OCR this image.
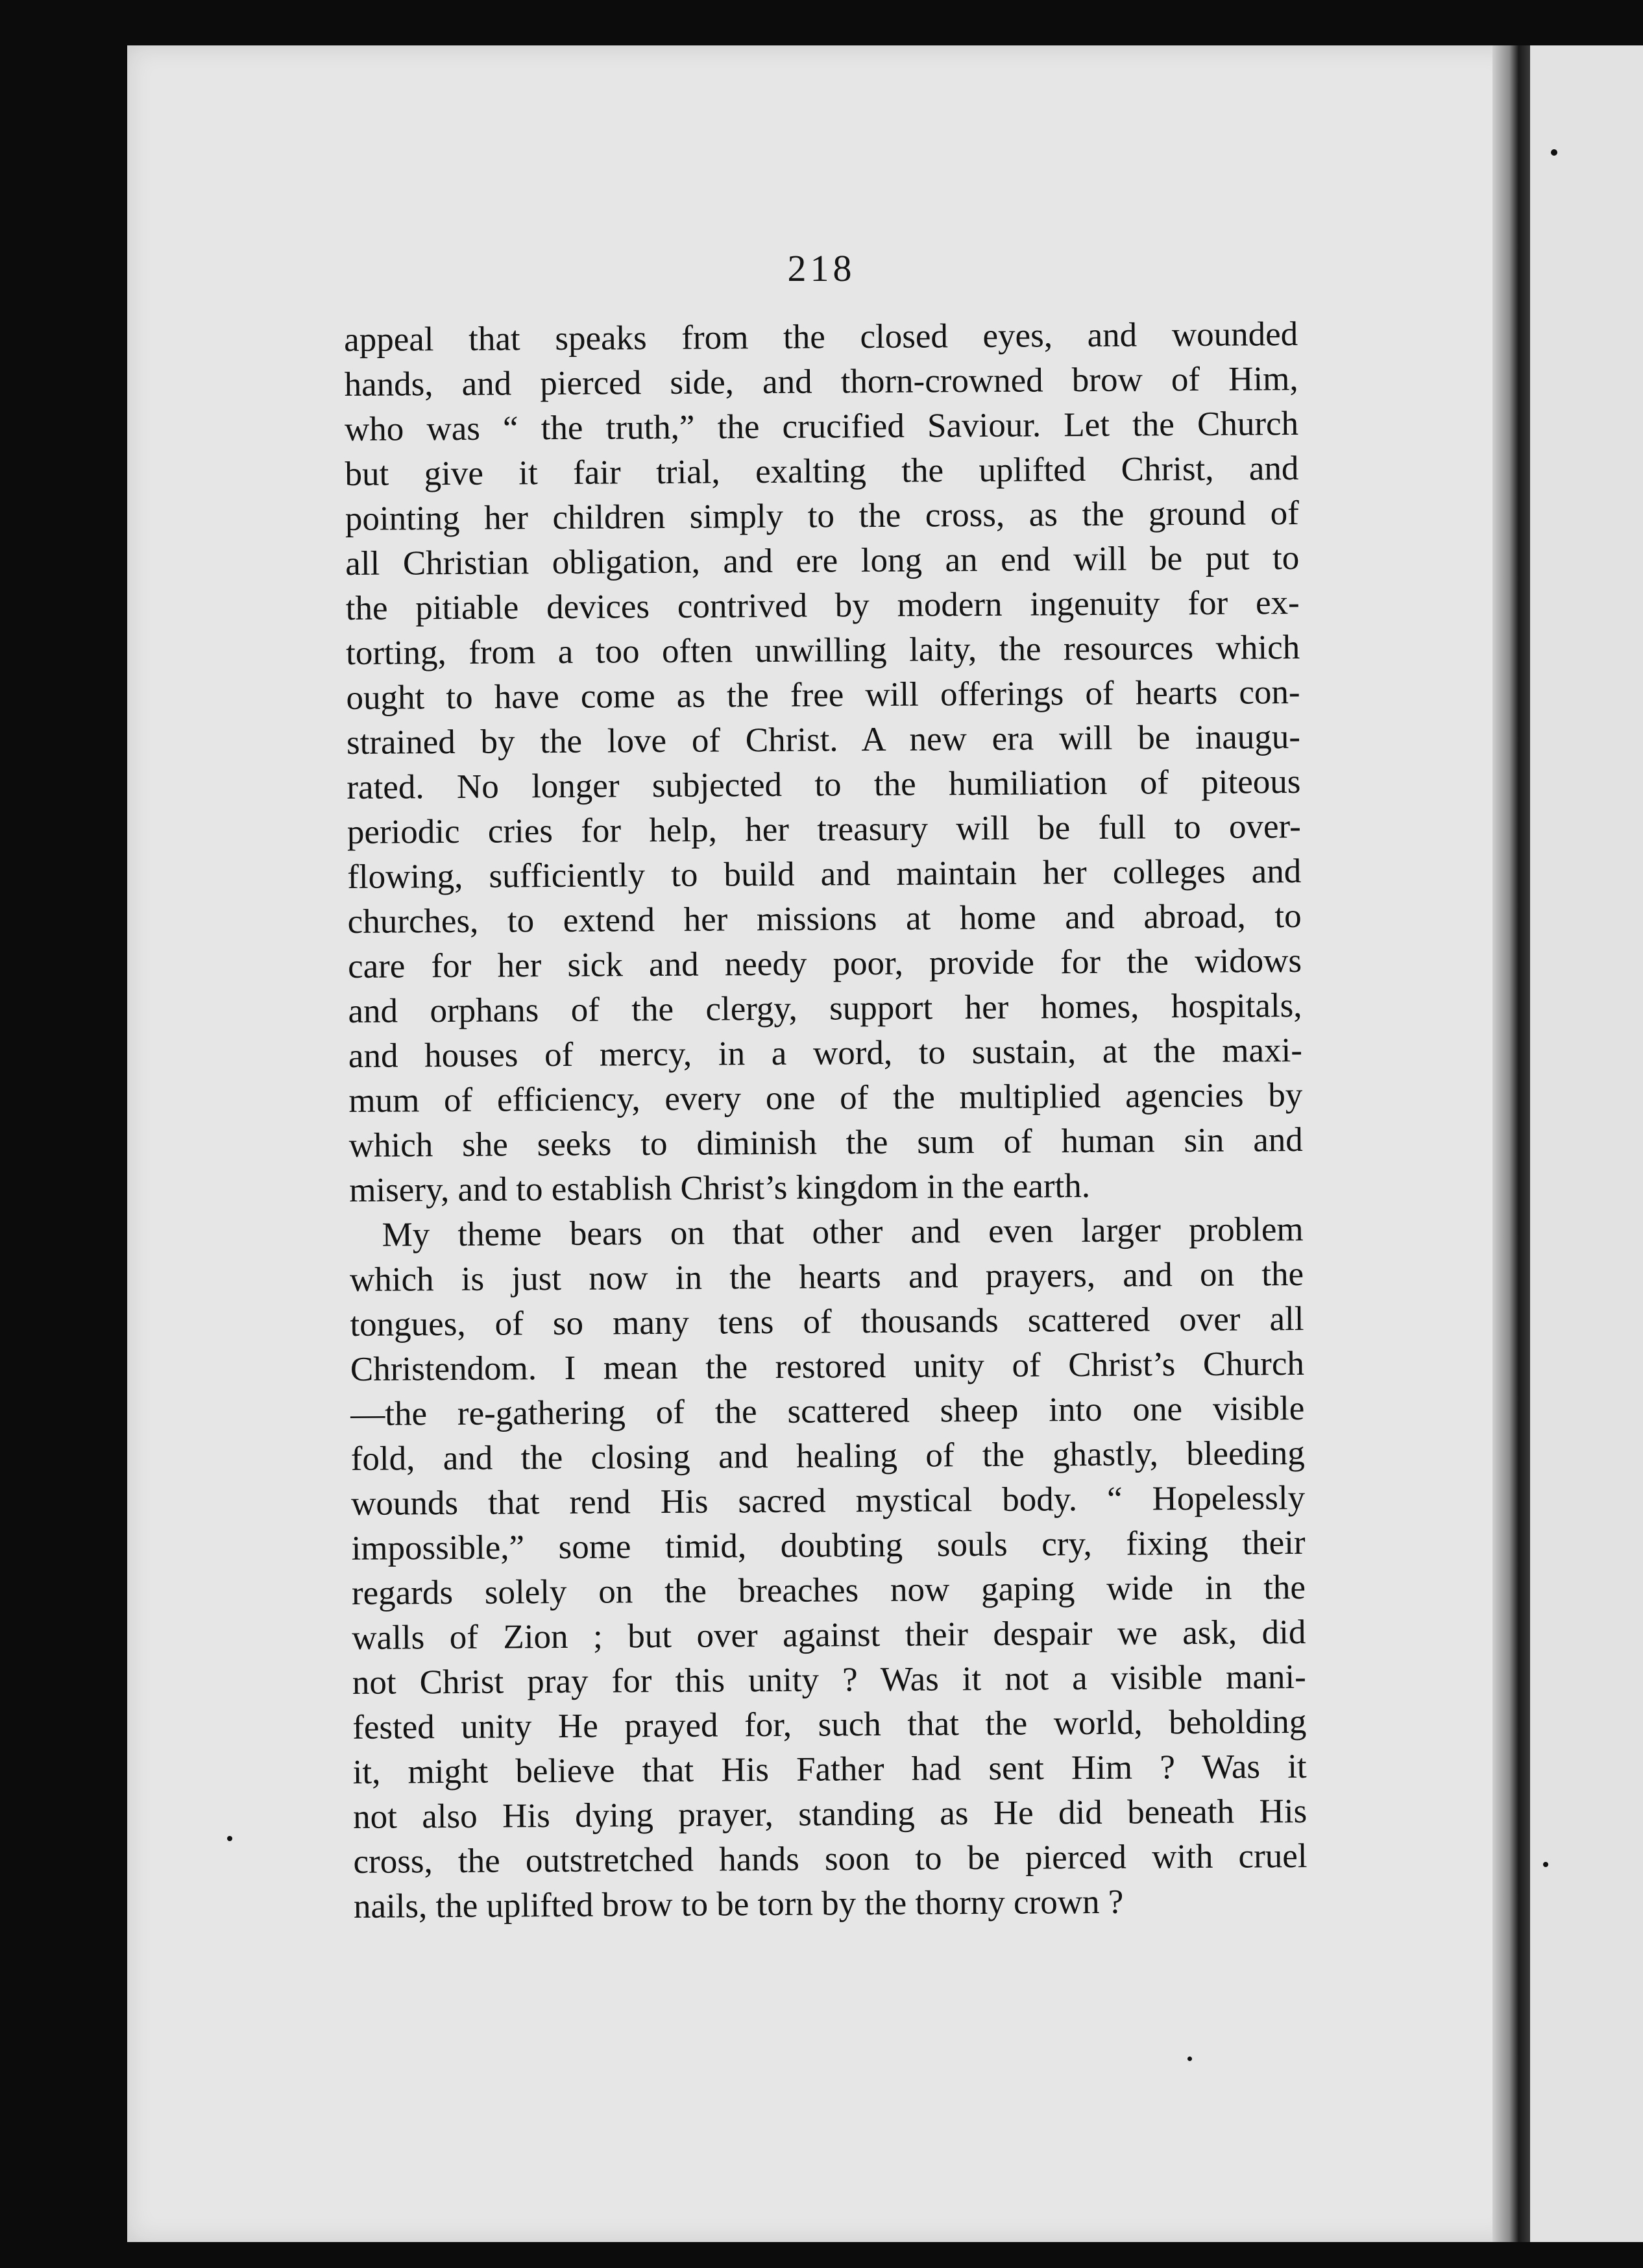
218
appeal that speaks from the closed eyes, and wounded
hands, and pierced side, and thorn-crowned brow of Him,
who was “ the truth,” the crucified Saviour. Let the Church
but give it fair trial, exalting the uplifted Christ, and
pointing her children simply to the cross, as the ground of
all Christian obligation, and ere long an end will be put to
the pitiable devices contrived by modern ingenuity for ex-
torting, from a too often unwilling laity, the resources which
ought to have come as the free will offerings of hearts con-
strained by the love of Christ. A new era will be inaugu-
rated. No longer subjected to the humiliation of piteous
periodic cries for help, her treasury will be full to over-
flowing, sufficiently to build and maintain her colleges and
churches, to extend her missions at home and abroad, to
care for her sick and needy poor, provide for the widows
and orphans of the clergy, support her homes, hospitals,
and houses of mercy, in a word, to sustain, at the maxi-
mum of efficiency, every one of the multiplied agencies by
which she seeks to diminish the sum of human sin and
misery, and to establish Christ’s kingdom in the earth.
My theme bears on that other and even larger problem
which is just now in the hearts and prayers, and on the
tongues, of so many tens of thousands scattered over all
Christendom. I mean the restored unity of Christ’s Church
—the re-gathering of the scattered sheep into one visible
fold, and the closing and healing of the ghastly, bleeding
wounds that rend His sacred mystical body. “ Hopelessly
impossible,” some timid, doubting souls cry, fixing their
regards solely on the breaches now gaping wide in the
walls of Zion ; but over against their despair we ask, did
not Christ pray for this unity ? Was it not a visible mani-
fested unity He prayed for, such that the world, beholding
it, might believe that His Father had sent Him ? Was it
not also His dying prayer, standing as He did beneath His
cross, the outstretched hands soon to be pierced with cruel
nails, the uplifted brow to be torn by the thorny crown ?
